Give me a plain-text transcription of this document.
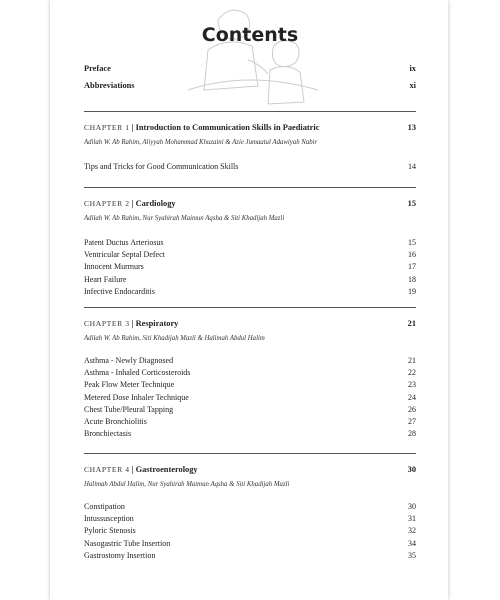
Contents
Preface	ix
Abbreviations	xi
CHAPTER 1 | Introduction to Communication Skills in Paediatric	13
Adilah W. Ab Rahim, Aliyyah Mohammad Khuzaini & Azie Jumaatul Adawiyah Nabir
Tips and Tricks for Good Communication Skills	14
CHAPTER 2 | Cardiology	15
Adilah W. Ab Rahim, Nur Syahirah Maimun Aqsha & Siti Khadijah Mazli
Patent Ductus Arteriosus	15
Ventricular Septal Defect	16
Innocent Murmurs	17
Heart Failure	18
Infective Endocarditis	19
CHAPTER 3 | Respiratory	21
Adilah W. Ab Rahim, Siti Khadijah Mazli & Halimah Abdul Halim
Asthma - Newly Diagnosed	21
Asthma - Inhaled Corticosteroids	22
Peak Flow Meter Technique	23
Metered Dose Inhaler Technique	24
Chest Tube/Pleural Tapping	26
Acute Bronchiolitis	27
Bronchiectasis	28
CHAPTER 4 | Gastroenterology	30
Halimah Abdul Halim, Nur Syahirah Maimun Aqsha & Siti Khadijah Mazli
Constipation	30
Intussusception	31
Pyloric Stenosis	32
Nasogastric Tube Insertion	34
Gastrostomy Insertion	35
